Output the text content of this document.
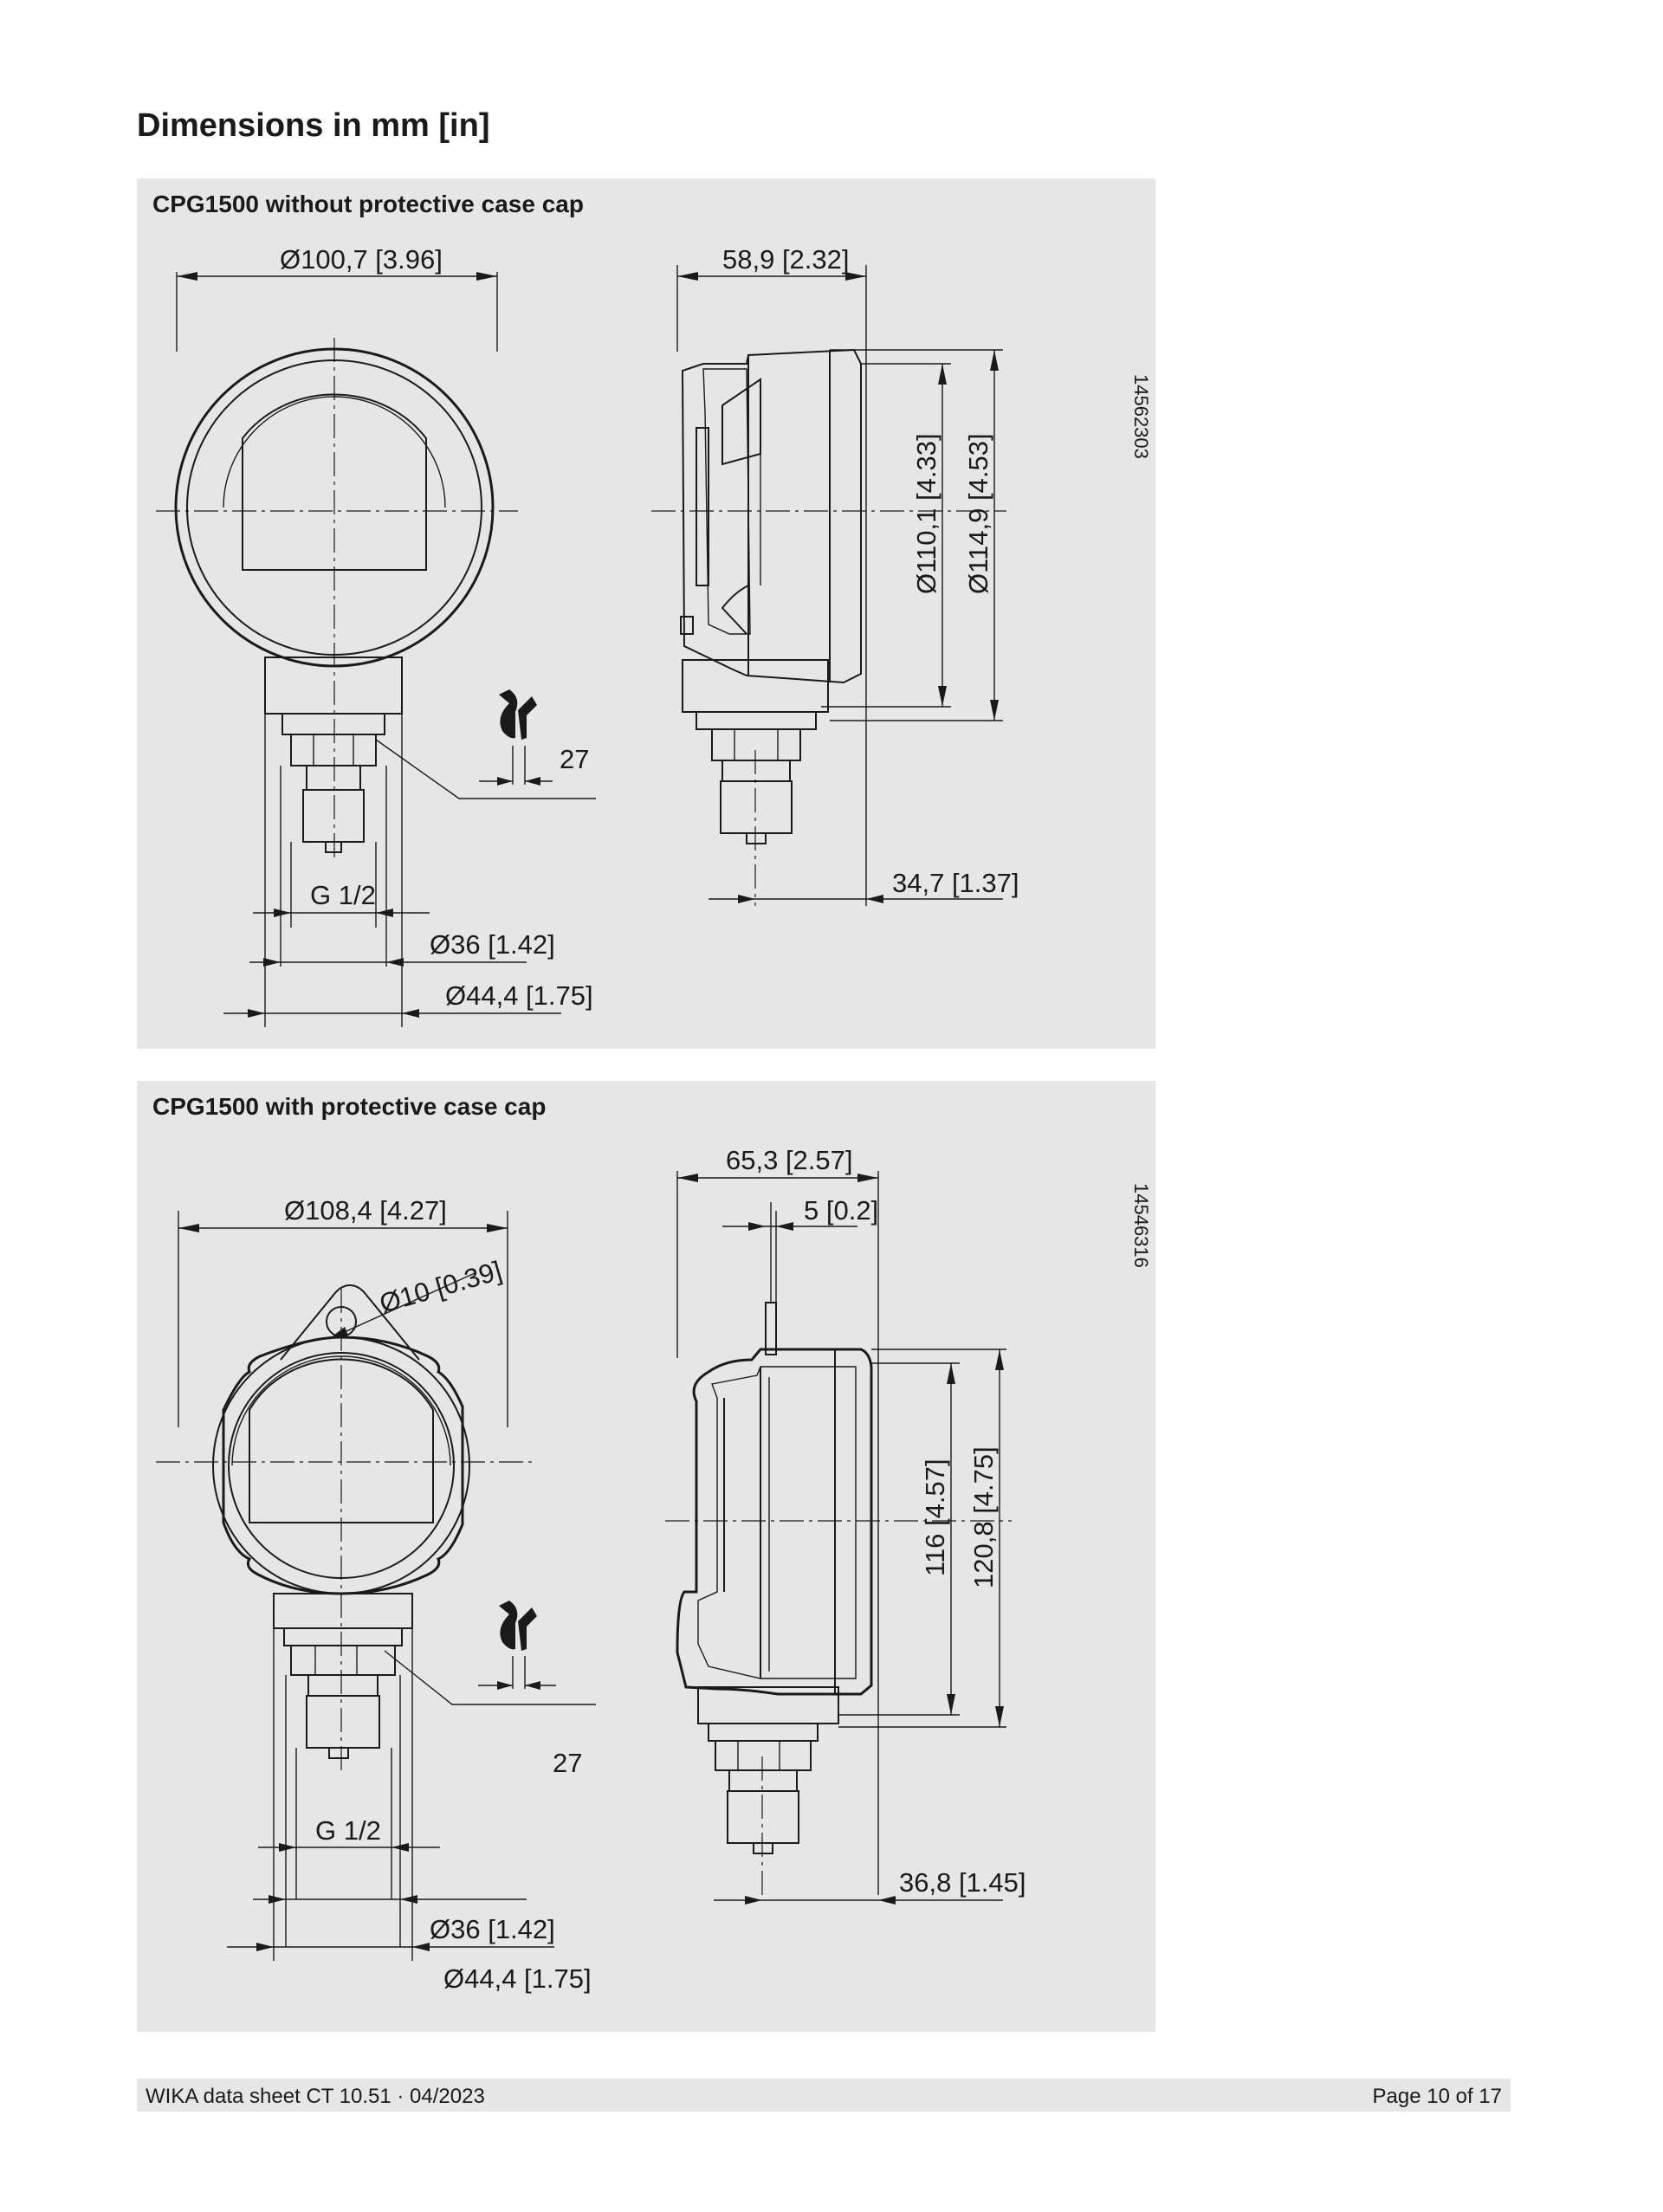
Dimensions in mm [in]
CPG1500 without protective case cap
Ø100,7 [3.96]	58,9 [2.32]
Ø110,1 [4.33] Ø114,9 [4.53]
27
G 1/2	34,7 [1.37]
Ø36 [1.42]
Ø44,4 [1.75]
14562303
CPG1500 with protective case cap
Ø108,4 [4.27]
Ø10 [0.39]
65,3 [2.57]
5 [0.2]
116 [4.57] 120,8 [4.75]
27
G 1/2
36,8 [1.45]
Ø36 [1.42]
Ø44,4 [1.75]
14546316
WIKA data sheet CT 10.51 · 04/2023	Page 10 of 17
